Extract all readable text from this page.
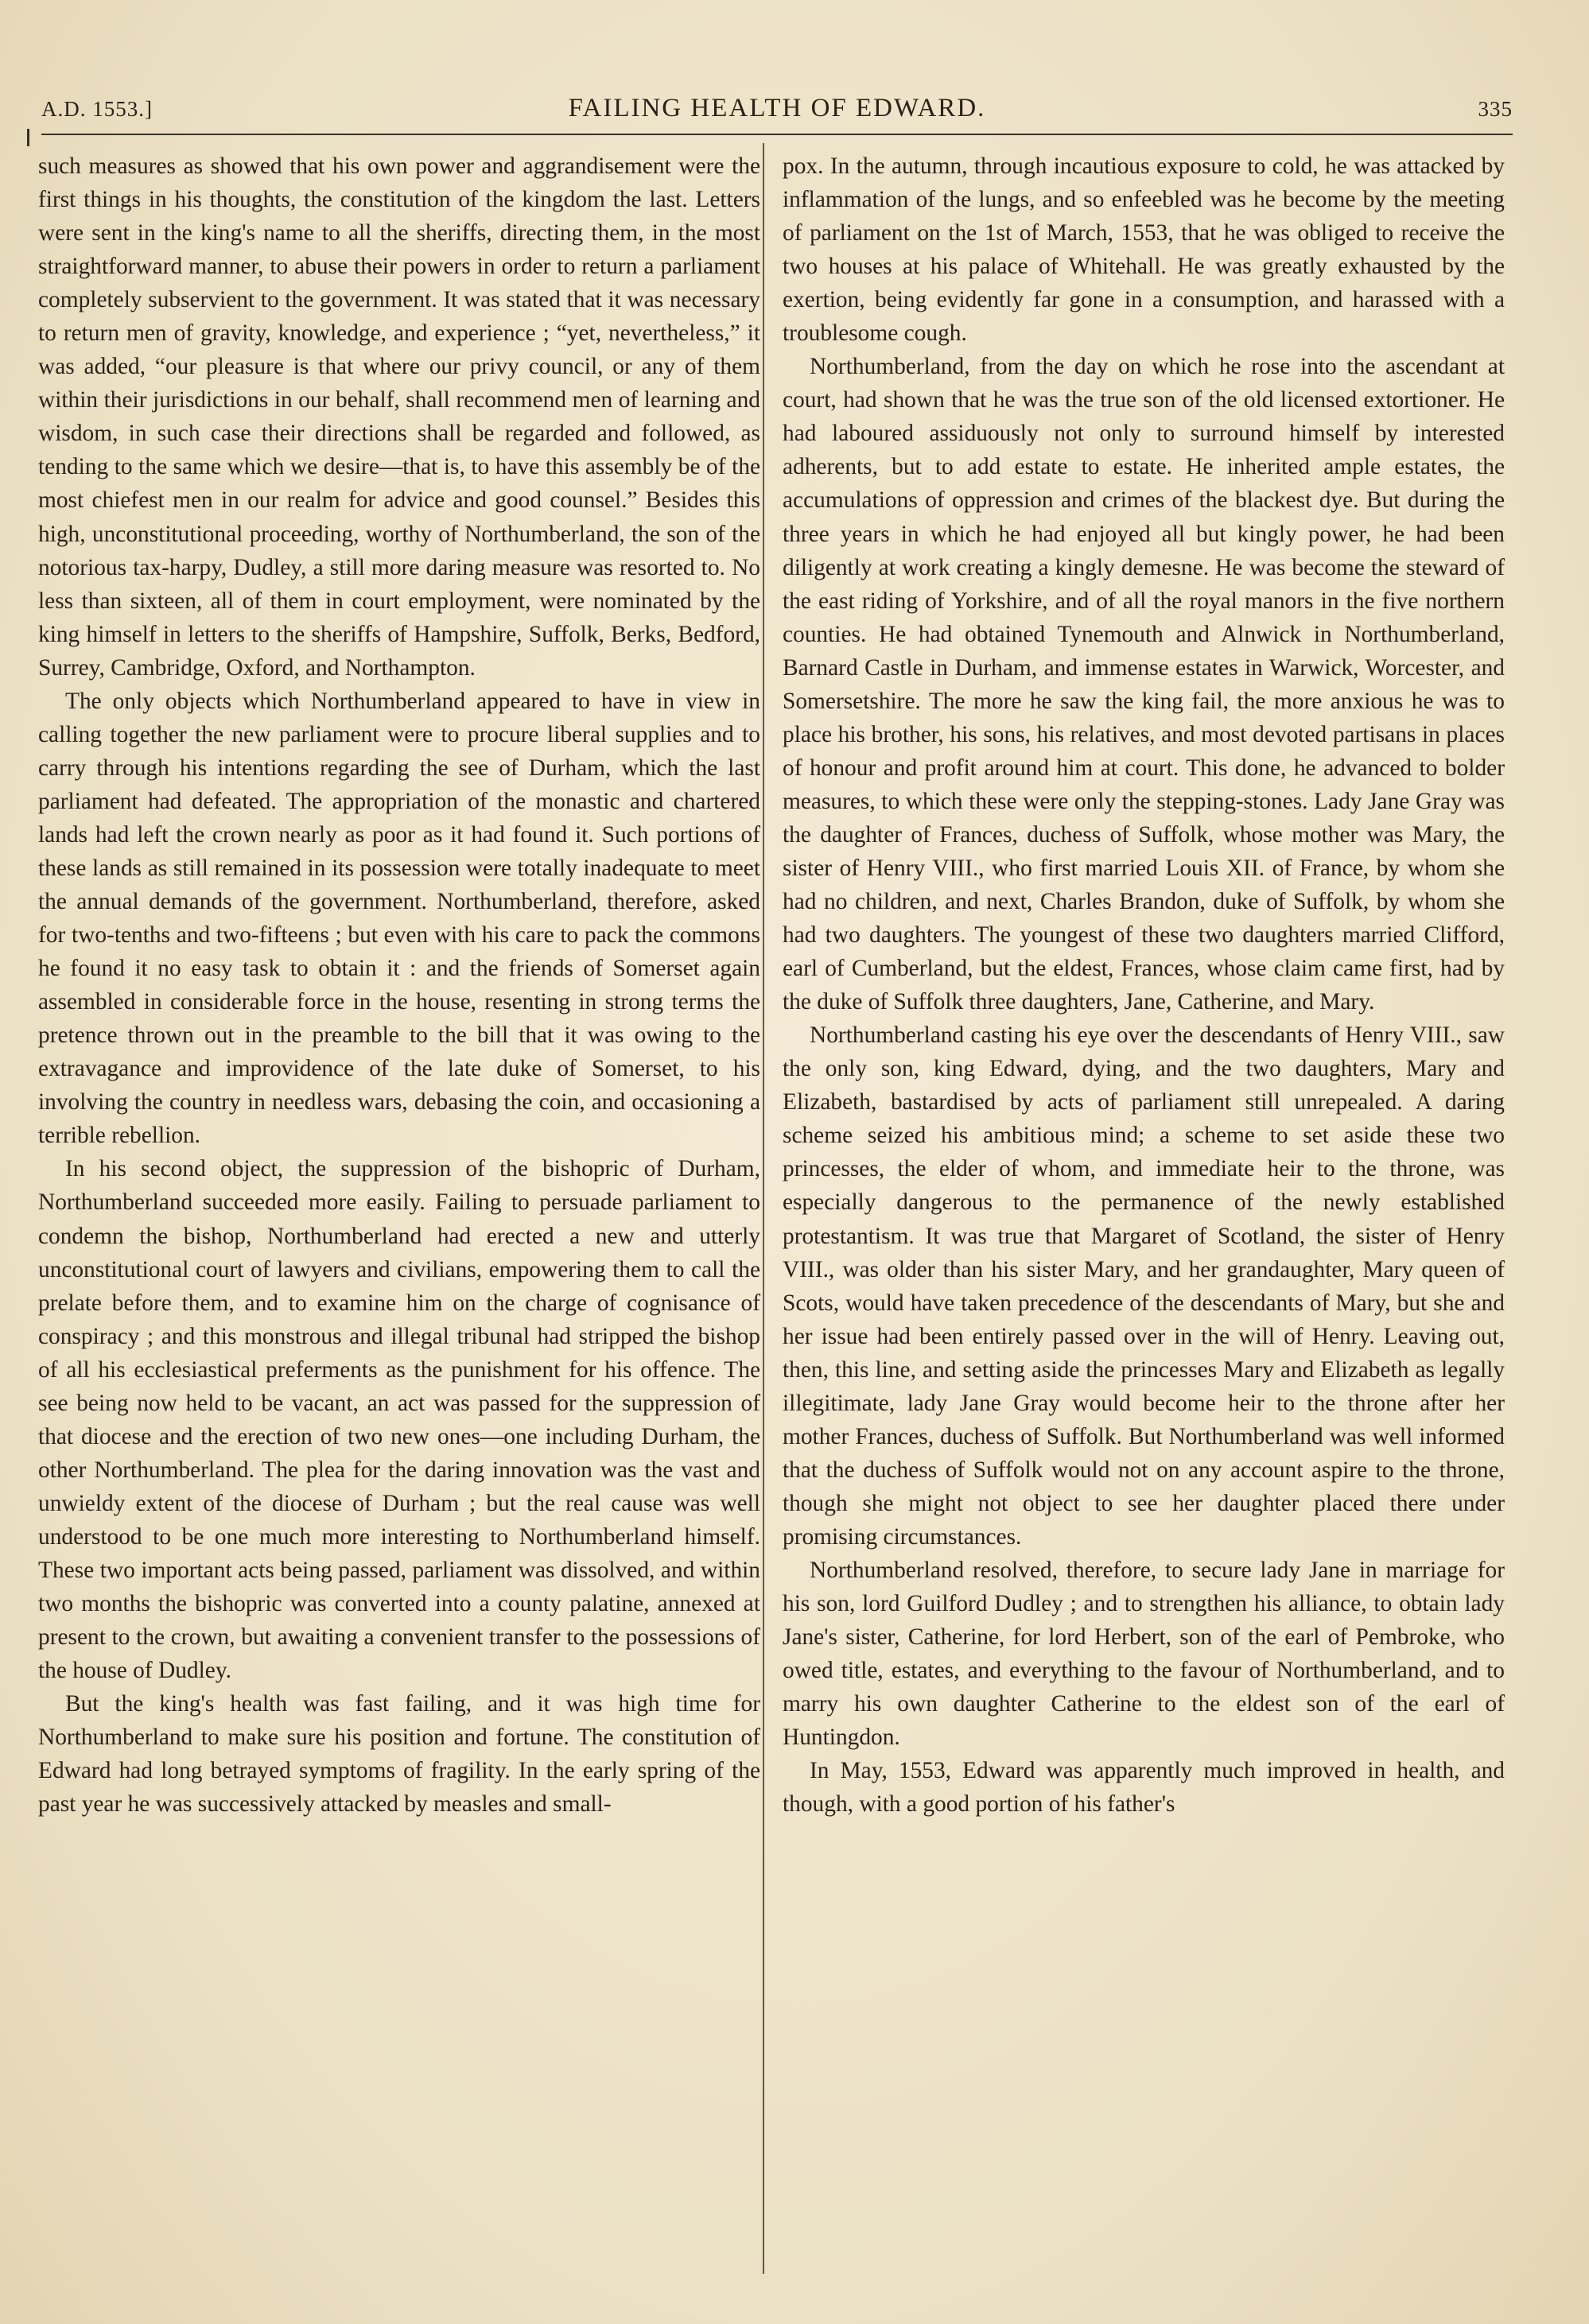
A.D. 1553.]	FAILING HEALTH OF EDWARD.	335

such measures as showed that his own power and aggrandisement were the first things in his thoughts, the constitution of the kingdom the last. Letters were sent in the king's name to all the sheriffs, directing them, in the most straightforward manner, to abuse their powers in order to return a parliament completely subservient to the government. It was stated that it was necessary to return men of gravity, knowledge, and experience ; “yet, nevertheless,” it was added, “our pleasure is that where our privy council, or any of them within their jurisdictions in our behalf, shall recommend men of learning and wisdom, in such case their directions shall be regarded and followed, as tending to the same which we desire—that is, to have this assembly be of the most chiefest men in our realm for advice and good counsel.” Besides this high, unconstitutional proceeding, worthy of Northumberland, the son of the notorious tax-harpy, Dudley, a still more daring measure was resorted to. No less than sixteen, all of them in court employment, were nominated by the king himself in letters to the sheriffs of Hampshire, Suffolk, Berks, Bedford, Surrey, Cambridge, Oxford, and Northampton.

The only objects which Northumberland appeared to have in view in calling together the new parliament were to procure liberal supplies and to carry through his intentions regarding the see of Durham, which the last parliament had defeated. The appropriation of the monastic and chartered lands had left the crown nearly as poor as it had found it. Such portions of these lands as still remained in its possession were totally inadequate to meet the annual demands of the government. Northumberland, therefore, asked for two-tenths and two-fifteens ; but even with his care to pack the commons he found it no easy task to obtain it : and the friends of Somerset again assembled in considerable force in the house, resenting in strong terms the pretence thrown out in the preamble to the bill that it was owing to the extravagance and improvidence of the late duke of Somerset, to his involving the country in needless wars, debasing the coin, and occasioning a terrible rebellion.

In his second object, the suppression of the bishopric of Durham, Northumberland succeeded more easily. Failing to persuade parliament to condemn the bishop, Northumberland had erected a new and utterly unconstitutional court of lawyers and civilians, empowering them to call the prelate before them, and to examine him on the charge of cognisance of conspiracy ; and this monstrous and illegal tribunal had stripped the bishop of all his ecclesiastical preferments as the punishment for his offence. The see being now held to be vacant, an act was passed for the suppression of that diocese and the erection of two new ones—one including Durham, the other Northumberland. The plea for the daring innovation was the vast and unwieldy extent of the diocese of Durham ; but the real cause was well understood to be one much more interesting to Northumberland himself. These two important acts being passed, parliament was dissolved, and within two months the bishopric was converted into a county palatine, annexed at present to the crown, but awaiting a convenient transfer to the possessions of the house of Dudley.

But the king's health was fast failing, and it was high time for Northumberland to make sure his position and fortune. The constitution of Edward had long betrayed symptoms of fragility. In the early spring of the past year he was successively attacked by measles and small-

pox. In the autumn, through incautious exposure to cold, he was attacked by inflammation of the lungs, and so enfeebled was he become by the meeting of parliament on the 1st of March, 1553, that he was obliged to receive the two houses at his palace of Whitehall. He was greatly exhausted by the exertion, being evidently far gone in a consumption, and harassed with a troublesome cough.

Northumberland, from the day on which he rose into the ascendant at court, had shown that he was the true son of the old licensed extortioner. He had laboured assiduously not only to surround himself by interested adherents, but to add estate to estate. He inherited ample estates, the accumulations of oppression and crimes of the blackest dye. But during the three years in which he had enjoyed all but kingly power, he had been diligently at work creating a kingly demesne. He was become the steward of the east riding of Yorkshire, and of all the royal manors in the five northern counties. He had obtained Tynemouth and Alnwick in Northumberland, Barnard Castle in Durham, and immense estates in Warwick, Worcester, and Somersetshire. The more he saw the king fail, the more anxious he was to place his brother, his sons, his relatives, and most devoted partisans in places of honour and profit around him at court. This done, he advanced to bolder measures, to which these were only the stepping-stones. Lady Jane Gray was the daughter of Frances, duchess of Suffolk, whose mother was Mary, the sister of Henry VIII., who first married Louis XII. of France, by whom she had no children, and next, Charles Brandon, duke of Suffolk, by whom she had two daughters. The youngest of these two daughters married Clifford, earl of Cumberland, but the eldest, Frances, whose claim came first, had by the duke of Suffolk three daughters, Jane, Catherine, and Mary.

Northumberland casting his eye over the descendants of Henry VIII., saw the only son, king Edward, dying, and the two daughters, Mary and Elizabeth, bastardised by acts of parliament still unrepealed. A daring scheme seized his ambitious mind; a scheme to set aside these two princesses, the elder of whom, and immediate heir to the throne, was especially dangerous to the permanence of the newly established protestantism. It was true that Margaret of Scotland, the sister of Henry VIII., was older than his sister Mary, and her grandaughter, Mary queen of Scots, would have taken precedence of the descendants of Mary, but she and her issue had been entirely passed over in the will of Henry. Leaving out, then, this line, and setting aside the princesses Mary and Elizabeth as legally illegitimate, lady Jane Gray would become heir to the throne after her mother Frances, duchess of Suffolk. But Northumberland was well informed that the duchess of Suffolk would not on any account aspire to the throne, though she might not object to see her daughter placed there under promising circumstances.

Northumberland resolved, therefore, to secure lady Jane in marriage for his son, lord Guilford Dudley ; and to strengthen his alliance, to obtain lady Jane's sister, Catherine, for lord Herbert, son of the earl of Pembroke, who owed title, estates, and everything to the favour of Northumberland, and to marry his own daughter Catherine to the eldest son of the earl of Huntingdon.

In May, 1553, Edward was apparently much improved in health, and though, with a good portion of his father's
